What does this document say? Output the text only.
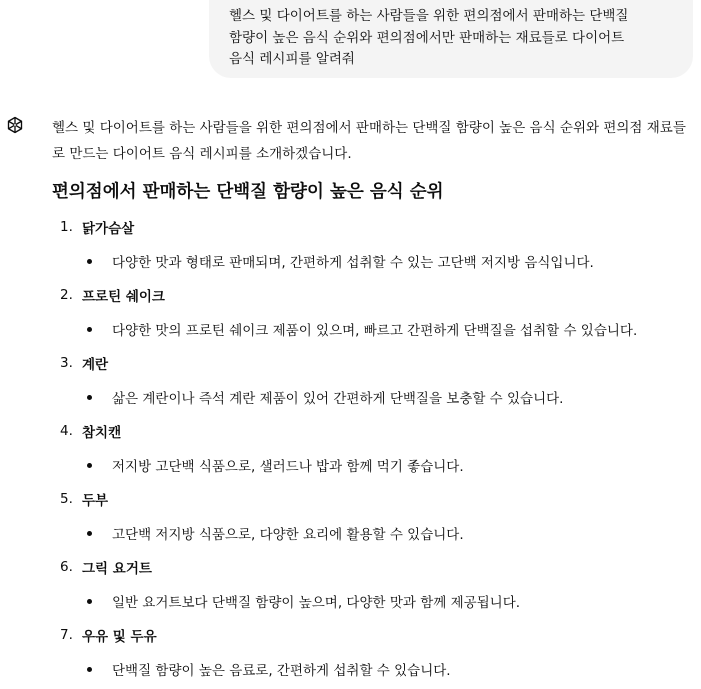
헬스 및 다이어트를 하는 사람들을 위한 편의점에서 판매하는 단백질
함량이 높은 음식 순위와 편의점에서만 판매하는 재료들로 다이어트
음식 레시피를 알려줘

헬스 및 다이어트를 하는 사람들을 위한 편의점에서 판매하는 단백질 함량이 높은 음식 순위와 편의점 재료들로 만드는 다이어트 음식 레시피를 소개하겠습니다.

편의점에서 판매하는 단백질 함량이 높은 음식 순위
1. 닭가슴살
다양한 맛과 형태로 판매되며, 간편하게 섭취할 수 있는 고단백 저지방 음식입니다.
2. 프로틴 쉐이크
다양한 맛의 프로틴 쉐이크 제품이 있으며, 빠르고 간편하게 단백질을 섭취할 수 있습니다.
3. 계란
삶은 계란이나 즉석 계란 제품이 있어 간편하게 단백질을 보충할 수 있습니다.
4. 참치캔
저지방 고단백 식품으로, 샐러드나 밥과 함께 먹기 좋습니다.
5. 두부
고단백 저지방 식품으로, 다양한 요리에 활용할 수 있습니다.
6. 그릭 요거트
일반 요거트보다 단백질 함량이 높으며, 다양한 맛과 함께 제공됩니다.
7. 우유 및 두유
단백질 함량이 높은 음료로, 간편하게 섭취할 수 있습니다.
